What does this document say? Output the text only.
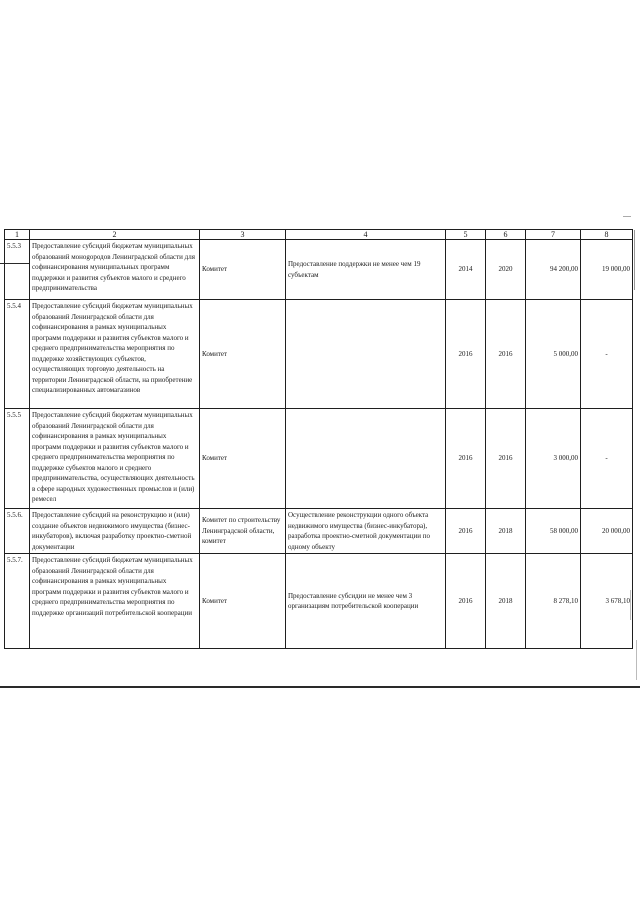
1	2	3	4	5	6	7	8
5.5.3	Предоставление субсидий бюджетам муниципальных образований монogородов Ленинградской области для софинансирования муниципальных программ поддержки и развития субъектов малого и среднего предпринимательства	Комитет	Предоставление поддержки не менее чем 19 субъектам	2014	2020	94 200,00	19 000,00
5.5.4	Предоставление субсидий бюджетам муниципальных образований Ленинградской области для софинансирования в рамках муниципальных программ поддержки и развития субъектов малого и среднего предпринимательства мероприятия по поддержке хозяйствующих субъектов, осуществляющих торговую деятельность на территории Ленинградской области, на приобретение специализированных автомагазинов	Комитет		2016	2016	5 000,00	-
5.5.5	Предоставление субсидий бюджетам муниципальных образований Ленинградской области для софинансирования в рамках муниципальных программ поддержки и развития субъектов малого и среднего предпринимательства мероприятия по поддержке субъектов малого и среднего предпринимательства, осуществляющих деятельность в сфере народных художественных промыслов и (или) ремесел	Комитет		2016	2016	3 000,00	-
5.5.6.	Предоставление субсидий на реконструкцию и (или) создание объектов недвижимого имущества (бизнес-инкубаторов), включая разработку проектно-сметной документации	Комитет по строительству Ленинградской области, комитет	Осуществление реконструкции одного объекта недвижимого имущества (бизнес-инкубатора), разработка проектно-сметной документации по одному объекту	2016	2018	58 000,00	20 000,00
5.5.7.	Предоставление субсидий бюджетам муниципальных образований Ленинградской области для софинансирования в рамках муниципальных программ поддержки и развития субъектов малого и среднего предпринимательства мероприятия по поддержке организаций потребительской кооперации	Комитет	Предоставление субсидии не менее чем 3 организациям потребительской кооперации	2016	2018	8 278,10	3 678,10
